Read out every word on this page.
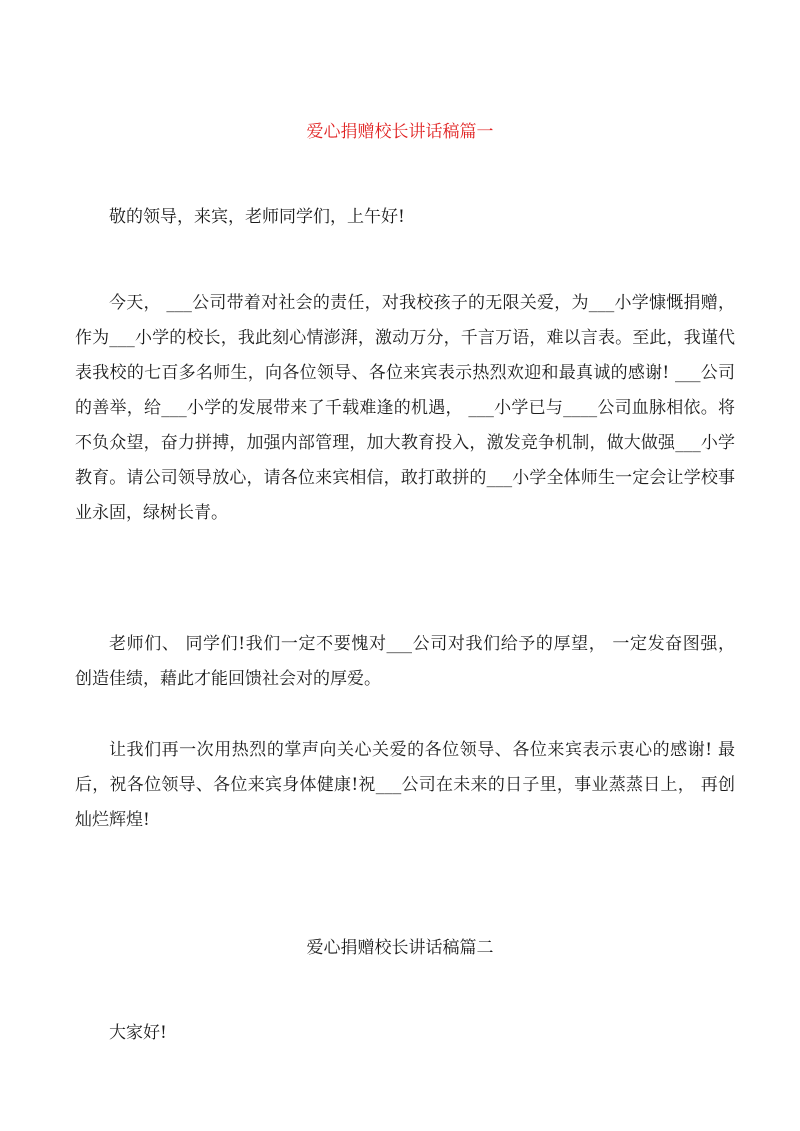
爱心捐赠校长讲话稿篇一

敬的领导，来宾，老师同学们，上午好!

今天， ___公司带着对社会的责任，对我校孩子的无限关爱，为___小学慷慨捐赠，作为___小学的校长，我此刻心情澎湃，激动万分，千言万语，难以言表。至此，我谨代表我校的七百多名师生，向各位领导、各位来宾表示热烈欢迎和最真诚的感谢! ___公司的善举，给___小学的发展带来了千载难逢的机遇， ___小学已与____公司血脉相依。将不负众望，奋力拼搏，加强内部管理，加大教育投入，激发竞争机制，做大做强___小学教育。请公司领导放心，请各位来宾相信，敢打敢拼的___小学全体师生一定会让学校事业永固，绿树长青。

老师们、 同学们!我们一定不要愧对___公司对我们给予的厚望， 一定发奋图强， 创造佳绩，藉此才能回馈社会对的厚爱。

让我们再一次用热烈的掌声向关心关爱的各位领导、各位来宾表示衷心的感谢! 最后，祝各位领导、各位来宾身体健康!祝___公司在未来的日子里，事业蒸蒸日上， 再创灿烂辉煌!

爱心捐赠校长讲话稿篇二

大家好!
